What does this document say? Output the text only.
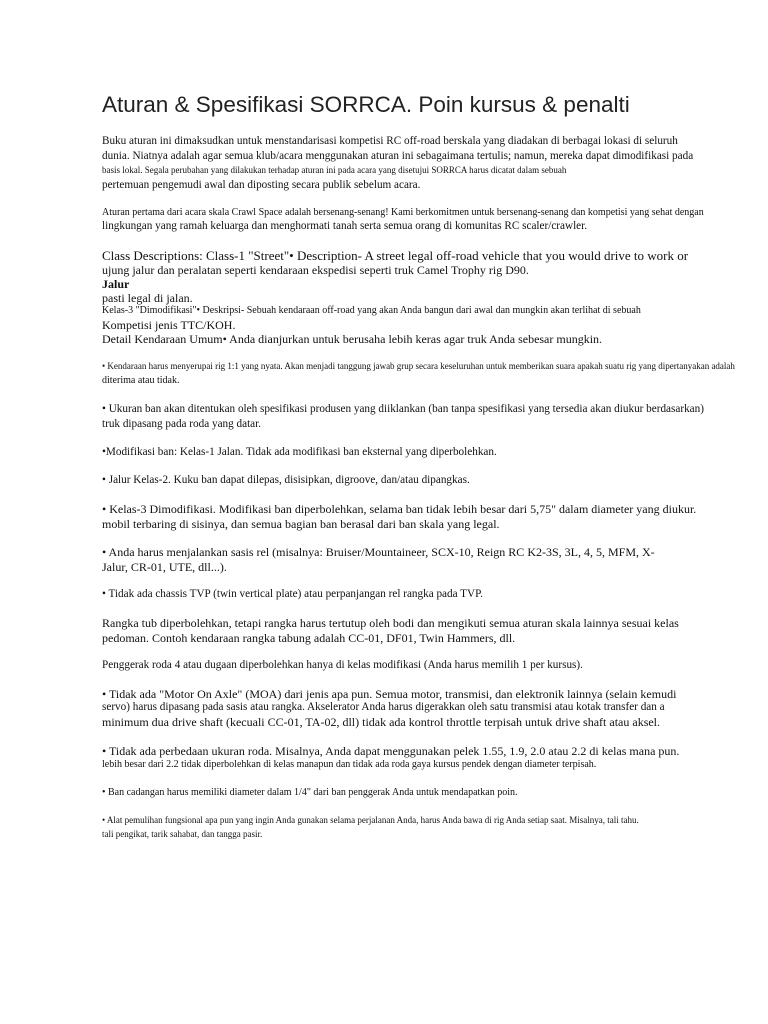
Aturan & Spesifikasi SORRCA. Poin kursus & penalti
Buku aturan ini dimaksudkan untuk menstandarisasi kompetisi RC off-road berskala yang diadakan di berbagai lokasi di seluruh
dunia. Niatnya adalah agar semua klub/acara menggunakan aturan ini sebagaimana tertulis; namun, mereka dapat dimodifikasi pada
basis lokal. Segala perubahan yang dilakukan terhadap aturan ini pada acara yang disetujui SORRCA harus dicatat dalam sebuah
pertemuan pengemudi awal dan diposting secara publik sebelum acara.
Aturan pertama dari acara skala Crawl Space adalah bersenang-senang! Kami berkomitmen untuk bersenang-senang dan kompetisi yang sehat dengan
lingkungan yang ramah keluarga dan menghormati tanah serta semua orang di komunitas RC scaler/crawler.
Class Descriptions: Class-1 "Street"• Description- A street legal off-road vehicle that you would drive to work or
ujung jalur dan peralatan seperti kendaraan ekspedisi seperti truk Camel Trophy rig D90.
Jalur
pasti legal di jalan.
Kelas-3 "Dimodifikasi"• Deskripsi- Sebuah kendaraan off-road yang akan Anda bangun dari awal dan mungkin akan terlihat di sebuah
Kompetisi jenis TTC/KOH.
Detail Kendaraan Umum• Anda dianjurkan untuk berusaha lebih keras agar truk Anda sebesar mungkin.
• Kendaraan harus menyerupai rig 1:1 yang nyata. Akan menjadi tanggung jawab grup secara keseluruhan untuk memberikan suara apakah suatu rig yang dipertanyakan adalah
diterima atau tidak.
• Ukuran ban akan ditentukan oleh spesifikasi produsen yang diiklankan (ban tanpa spesifikasi yang tersedia akan diukur berdasarkan)
truk dipasang pada roda yang datar.
•Modifikasi ban: Kelas-1 Jalan. Tidak ada modifikasi ban eksternal yang diperbolehkan.
• Jalur Kelas-2. Kuku ban dapat dilepas, disisipkan, digroove, dan/atau dipangkas.
• Kelas-3 Dimodifikasi. Modifikasi ban diperbolehkan, selama ban tidak lebih besar dari 5,75" dalam diameter yang diukur.
mobil terbaring di sisinya, dan semua bagian ban berasal dari ban skala yang legal.
• Anda harus menjalankan sasis rel (misalnya: Bruiser/Mountaineer, SCX-10, Reign RC K2-3S, 3L, 4, 5, MFM, X-
Jalur, CR-01, UTE, dll...).
• Tidak ada chassis TVP (twin vertical plate) atau perpanjangan rel rangka pada TVP.
Rangka tub diperbolehkan, tetapi rangka harus tertutup oleh bodi dan mengikuti semua aturan skala lainnya sesuai kelas
pedoman. Contoh kendaraan rangka tabung adalah CC-01, DF01, Twin Hammers, dll.
Penggerak roda 4 atau dugaan diperbolehkan hanya di kelas modifikasi (Anda harus memilih 1 per kursus).
• Tidak ada "Motor On Axle" (MOA) dari jenis apa pun. Semua motor, transmisi, dan elektronik lainnya (selain kemudi
servo) harus dipasang pada sasis atau rangka. Akselerator Anda harus digerakkan oleh satu transmisi atau kotak transfer dan a
minimum dua drive shaft (kecuali CC-01, TA-02, dll) tidak ada kontrol throttle terpisah untuk drive shaft atau aksel.
• Tidak ada perbedaan ukuran roda. Misalnya, Anda dapat menggunakan pelek 1.55, 1.9, 2.0 atau 2.2 di kelas mana pun.
lebih besar dari 2.2 tidak diperbolehkan di kelas manapun dan tidak ada roda gaya kursus pendek dengan diameter terpisah.
• Ban cadangan harus memiliki diameter dalam 1/4" dari ban penggerak Anda untuk mendapatkan poin.
• Alat pemulihan fungsional apa pun yang ingin Anda gunakan selama perjalanan Anda, harus Anda bawa di rig Anda setiap saat. Misalnya, tali tahu.
tali pengikat, tarik sahabat, dan tangga pasir.
